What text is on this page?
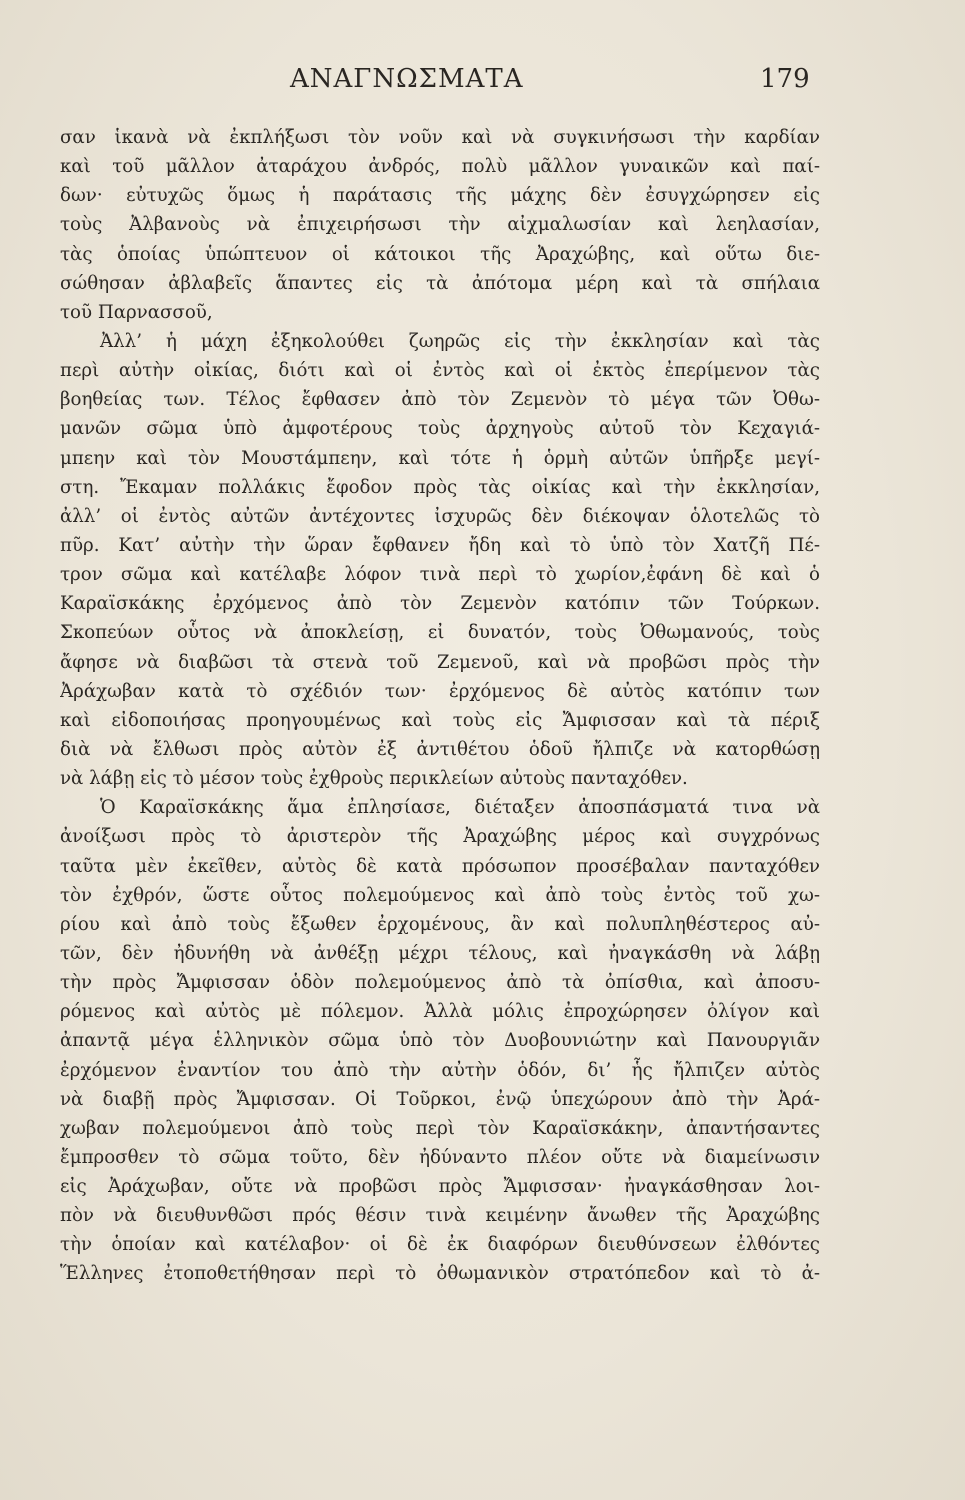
ΑΝΑΓΝΩΣΜΑΤΑ	179
σαν ἱκανὰ νὰ ἐκπλήξωσι τὸν νοῦν καὶ νὰ συγκινήσωσι τὴν καρδίαν
καὶ τοῦ μᾶλλον ἀταράχου ἀνδρός, πολὺ μᾶλλον γυναικῶν καὶ παί-
δων· εὐτυχῶς ὅμως ἡ παράτασις τῆς μάχης δὲν ἐσυγχώρησεν εἰς
τοὺς Ἀλβανοὺς νὰ ἐπιχειρήσωσι τὴν αἰχμαλωσίαν καὶ λεηλασίαν,
τὰς ὁποίας ὑπώπτευον οἱ κάτοικοι τῆς Ἀραχώβης, καὶ οὕτω διε-
σώθησαν ἀβλαβεῖς ἅπαντες εἰς τὰ ἀπότομα μέρη καὶ τὰ σπήλαια
τοῦ Παρνασσοῦ,
Ἀλλ’ ἡ μάχη ἐξηκολούθει ζωηρῶς εἰς τὴν ἐκκλησίαν καὶ τὰς
περὶ αὐτὴν οἰκίας, διότι καὶ οἱ ἐντὸς καὶ οἱ ἐκτὸς ἐπερίμενον τὰς
βοηθείας των. Τέλος ἔφθασεν ἀπὸ τὸν Ζεμενὸν τὸ μέγα τῶν Ὀθω-
μανῶν σῶμα ὑπὸ ἀμφοτέρους τοὺς ἀρχηγοὺς αὐτοῦ τὸν Κεχαγιά-
μπεην καὶ τὸν Μουστάμπεην, καὶ τότε ἡ ὁρμὴ αὐτῶν ὑπῆρξε μεγί-
στη. Ἔκαμαν πολλάκις ἔφοδον πρὸς τὰς οἰκίας καὶ τὴν ἐκκλησίαν,
ἀλλ’ οἱ ἐντὸς αὐτῶν ἀντέχοντες ἰσχυρῶς δὲν διέκοψαν ὁλοτελῶς τὸ
πῦρ. Κατ’ αὐτὴν τὴν ὥραν ἔφθανεν ἤδη καὶ τὸ ὑπὸ τὸν Χατζῆ Πέ-
τρον σῶμα καὶ κατέλαβε λόφον τινὰ περὶ τὸ χωρίον,ἐφάνη δὲ καὶ ὁ
Καραϊσκάκης ἐρχόμενος ἀπὸ τὸν Ζεμενὸν κατόπιν τῶν Τούρκων.
Σκοπεύων οὗτος νὰ ἀποκλείσῃ, εἰ δυνατόν, τοὺς Ὀθωμανούς, τοὺς
ἄφησε νὰ διαβῶσι τὰ στενὰ τοῦ Ζεμενοῦ, καὶ νὰ προβῶσι πρὸς τὴν
Ἀράχωβαν κατὰ τὸ σχέδιόν των· ἐρχόμενος δὲ αὐτὸς κατόπιν των
καὶ εἰδοποιήσας προηγουμένως καὶ τοὺς εἰς Ἄμφισσαν καὶ τὰ πέριξ
διὰ νὰ ἔλθωσι πρὸς αὐτὸν ἐξ ἀντιθέτου ὁδοῦ ἤλπιζε νὰ κατορθώσῃ
νὰ λάβῃ εἰς τὸ μέσον τοὺς ἐχθροὺς περικλείων αὐτοὺς πανταχόθεν.
Ὁ Καραϊσκάκης ἅμα ἐπλησίασε, διέταξεν ἀποσπάσματά τινα νὰ
ἀνοίξωσι πρὸς τὸ ἀριστερὸν τῆς Ἀραχώβης μέρος καὶ συγχρόνως
ταῦτα μὲν ἐκεῖθεν, αὐτὸς δὲ κατὰ πρόσωπον προσέβαλαν πανταχόθεν
τὸν ἐχθρόν, ὥστε οὗτος πολεμούμενος καὶ ἀπὸ τοὺς ἐντὸς τοῦ χω-
ρίου καὶ ἀπὸ τοὺς ἔξωθεν ἐρχομένους, ἂν καὶ πολυπληθέστερος αὐ-
τῶν, δὲν ἠδυνήθη νὰ ἀνθέξῃ μέχρι τέλους, καὶ ἠναγκάσθη νὰ λάβῃ
τὴν πρὸς Ἄμφισσαν ὁδὸν πολεμούμενος ἀπὸ τὰ ὀπίσθια, καὶ ἀποσυ-
ρόμενος καὶ αὐτὸς μὲ πόλεμον. Ἀλλὰ μόλις ἐπροχώρησεν ὀλίγον καὶ
ἀπαντᾷ μέγα ἑλληνικὸν σῶμα ὑπὸ τὸν Δυοβουνιώτην καὶ Πανουργιᾶν
ἐρχόμενον ἐναντίον του ἀπὸ τὴν αὐτὴν ὁδόν, δι’ ἧς ἤλπιζεν αὐτὸς
νὰ διαβῇ πρὸς Ἄμφισσαν. Οἱ Τοῦρκοι, ἐνῷ ὑπεχώρουν ἀπὸ τὴν Ἀρά-
χωβαν πολεμούμενοι ἀπὸ τοὺς περὶ τὸν Καραϊσκάκην, ἀπαντήσαντες
ἔμπροσθεν τὸ σῶμα τοῦτο, δὲν ἠδύναντο πλέον οὔτε νὰ διαμείνωσιν
εἰς Ἀράχωβαν, οὔτε νὰ προβῶσι πρὸς Ἄμφισσαν· ἠναγκάσθησαν λοι-
πὸν νὰ διευθυνθῶσι πρός θέσιν τινὰ κειμένην ἄνωθεν τῆς Ἀραχώβης
τὴν ὁποίαν καὶ κατέλαβον· οἱ δὲ ἐκ διαφόρων διευθύνσεων ἐλθόντες
Ἕλληνες ἐτοποθετήθησαν περὶ τὸ ὀθωμανικὸν στρατόπεδον καὶ τὸ ἀ-
